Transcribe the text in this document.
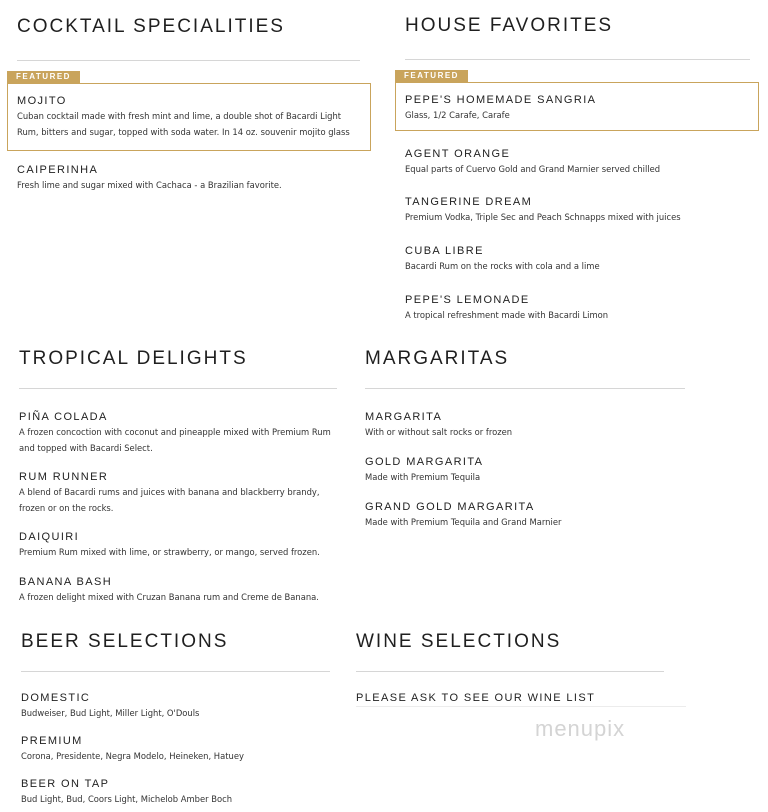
COCKTAIL SPECIALITIES
FEATURED
MOJITO
Cuban cocktail made with fresh mint and lime, a double shot of Bacardi Light Rum, bitters and sugar, topped with soda water. In 14 oz. souvenir mojito glass
CAIPERINHA
Fresh lime and sugar mixed with Cachaca - a Brazilian favorite.
HOUSE FAVORITES
FEATURED
PEPE'S HOMEMADE SANGRIA
Glass, 1/2 Carafe, Carafe
AGENT ORANGE
Equal parts of Cuervo Gold and Grand Marnier served chilled
TANGERINE DREAM
Premium Vodka, Triple Sec and Peach Schnapps mixed with juices
CUBA LIBRE
Bacardi Rum on the rocks with cola and a lime
PEPE'S LEMONADE
A tropical refreshment made with Bacardi Limon
TROPICAL DELIGHTS
PIÑA COLADA
A frozen concoction with coconut and pineapple mixed with Premium Rum and topped with Bacardi Select.
RUM RUNNER
A blend of Bacardi rums and juices with banana and blackberry brandy, frozen or on the rocks.
DAIQUIRI
Premium Rum mixed with lime, or strawberry, or mango, served frozen.
BANANA BASH
A frozen delight mixed with Cruzan Banana rum and Creme de Banana.
MARGARITAS
MARGARITA
With or without salt rocks or frozen
GOLD MARGARITA
Made with Premium Tequila
GRAND GOLD MARGARITA
Made with Premium Tequila and Grand Marnier
BEER SELECTIONS
DOMESTIC
Budweiser, Bud Light, Miller Light, O'Douls
PREMIUM
Corona, Presidente, Negra Modelo, Heineken, Hatuey
BEER ON TAP
Bud Light, Bud, Coors Light, Michelob Amber Boch
WINE SELECTIONS
PLEASE ASK TO SEE OUR WINE LIST
menupix
